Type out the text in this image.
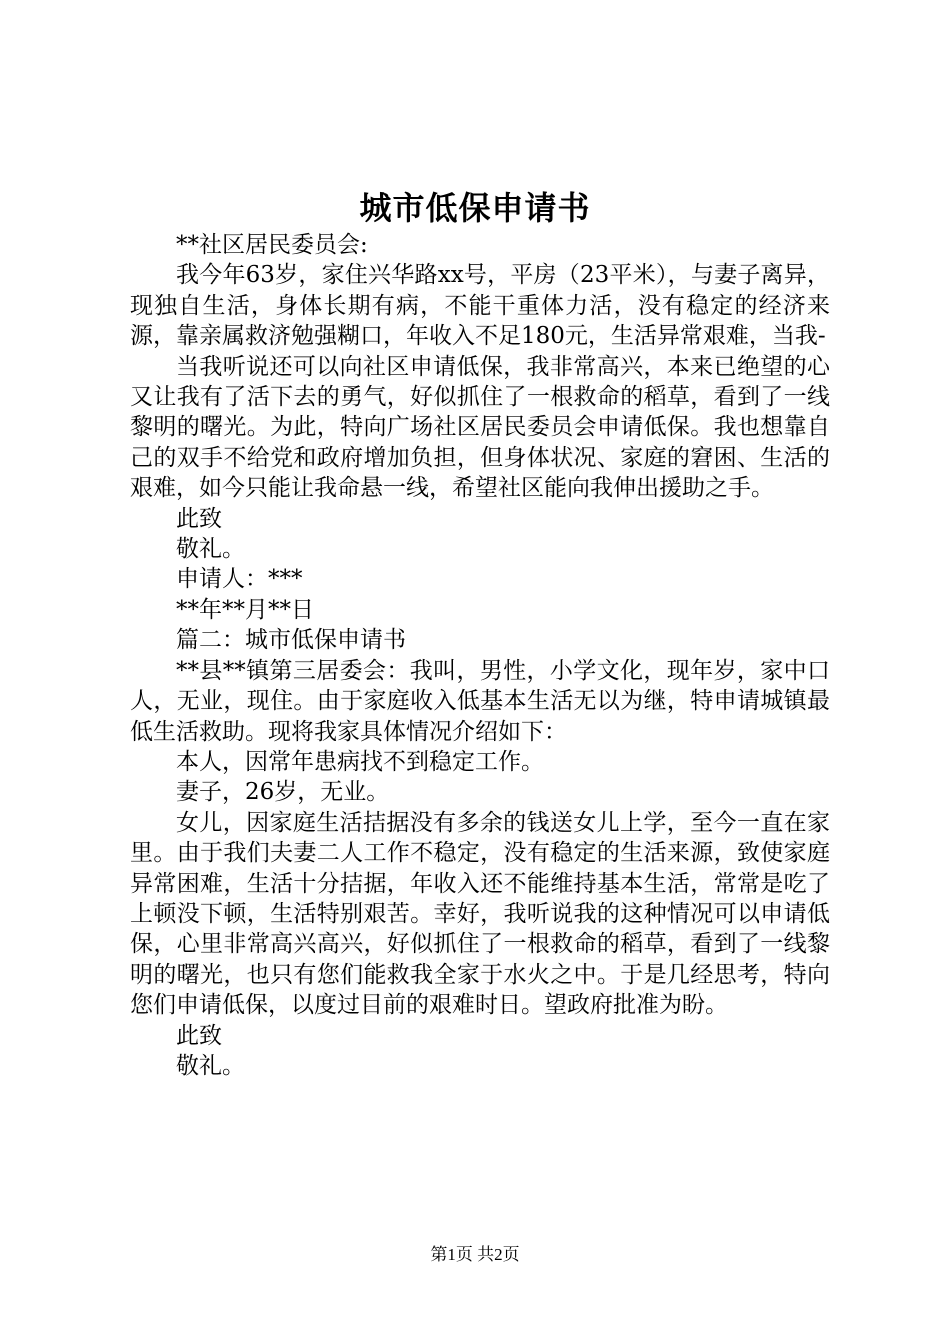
城市低保申请书

**社区居民委员会:

我今年63岁，家住兴华路xx号，平房（23平米），与妻子离异，现独自生活，身体长期有病，不能干重体力活，没有稳定的经济来源，靠亲属救济勉强糊口，年收入不足180元，生活异常艰难，当我-

当我听说还可以向社区申请低保，我非常高兴，本来已绝望的心又让我有了活下去的勇气，好似抓住了一根救命的稻草，看到了一线黎明的曙光。为此，特向广场社区居民委员会申请低保。我也想靠自己的双手不给党和政府增加负担，但身体状况、家庭的窘困、生活的艰难，如今只能让我命悬一线，希望社区能向我伸出援助之手。

此致

敬礼。

申请人：***

**年**月**日

篇二：城市低保申请书

**县**镇第三居委会：我叫，男性，小学文化，现年岁，家中口人，无业，现住。由于家庭收入低基本生活无以为继，特申请城镇最低生活救助。现将我家具体情况介绍如下：

本人，因常年患病找不到稳定工作。

妻子，26岁，无业。

女儿，因家庭生活拮据没有多余的钱送女儿上学，至今一直在家里。由于我们夫妻二人工作不稳定，没有稳定的生活来源，致使家庭异常困难，生活十分拮据，年收入还不能维持基本生活，常常是吃了上顿没下顿，生活特别艰苦。幸好，我听说我的这种情况可以申请低保，心里非常高兴高兴，好似抓住了一根救命的稻草，看到了一线黎明的曙光，也只有您们能救我全家于水火之中。于是几经思考，特向您们申请低保，以度过目前的艰难时日。望政府批准为盼。

此致

敬礼。

第1页 共2页
